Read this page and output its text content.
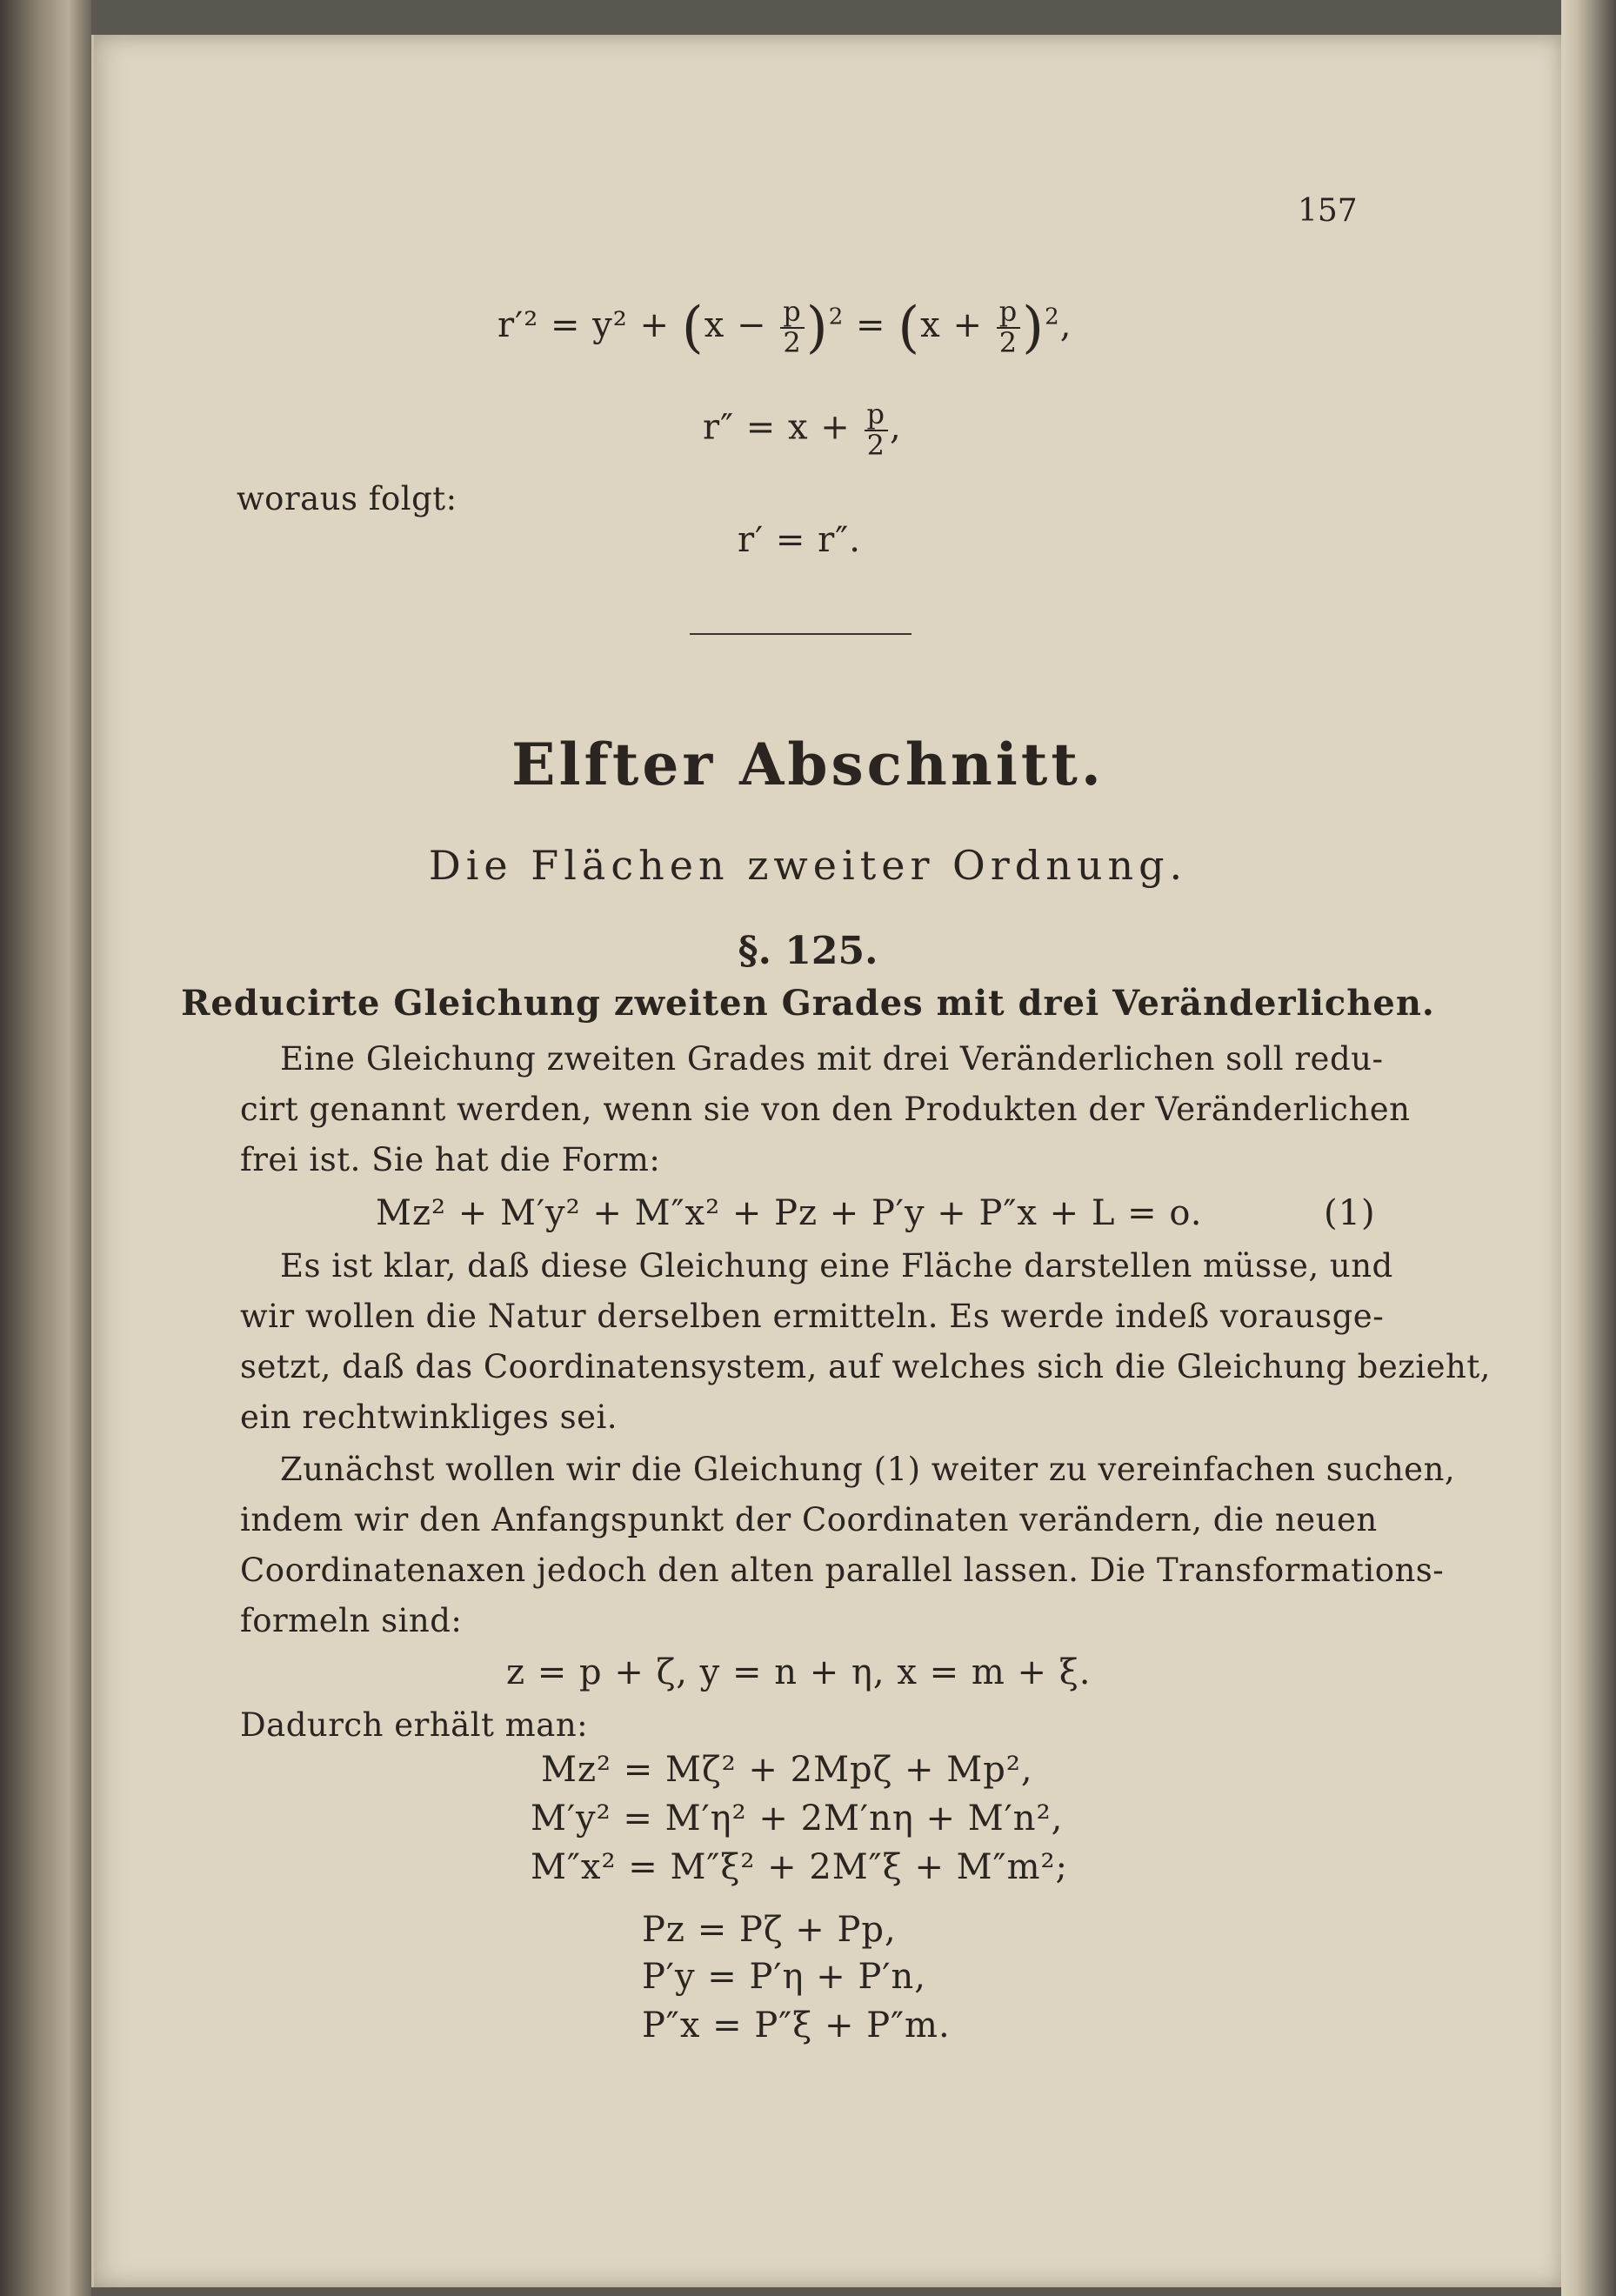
157
$r'^2 = y^2 + (x - \frac{p}{2} )^2 = (x + \frac{p}{2} )^2$,
$r'' = x + \frac{p}{2}$ ,
woraus folgt:
r′ = r″.
Elfter Abschnitt.
Die Flächen zweiter Ordnung.
§. 125.
Reducirte Gleichung zweiten Grades mit drei Veränderlichen.
Eine Gleichung zweiten Grades mit drei Veränderlichen soll redu-
cirt genannt werden, wenn sie von den Produkten der Veränderlichen
frei ist. Sie hat die Form:
Mz² + M′y² + M″x² + Pz + P′y + P″x + L = o.	(1)
Es ist klar, daß diese Gleichung eine Fläche darstellen müsse, und
wir wollen die Natur derselben ermitteln. Es werde indeß vorausge-
setzt, daß das Coordinatensystem, auf welches sich die Gleichung bezieht,
ein rechtwinkliges sei.
Zunächst wollen wir die Gleichung (1) weiter zu vereinfachen suchen,
indem wir den Anfangspunkt der Coordinaten verändern, die neuen
Coordinatenaxen jedoch den alten parallel lassen. Die Transformations-
formeln sind:
z = p + ζ, y = n + η, x = m + ξ.
Dadurch erhält man:
Mz² = Mζ² + 2Mpζ + Mp²,
M′y² = M′η² + 2M′nη + M′n²,
M″x² = M″ξ² + 2M″ξ + M″m²;
Pz = Pζ + Pp,
P′y = P′η + P′n,
P″x = P″ξ + P″m.
